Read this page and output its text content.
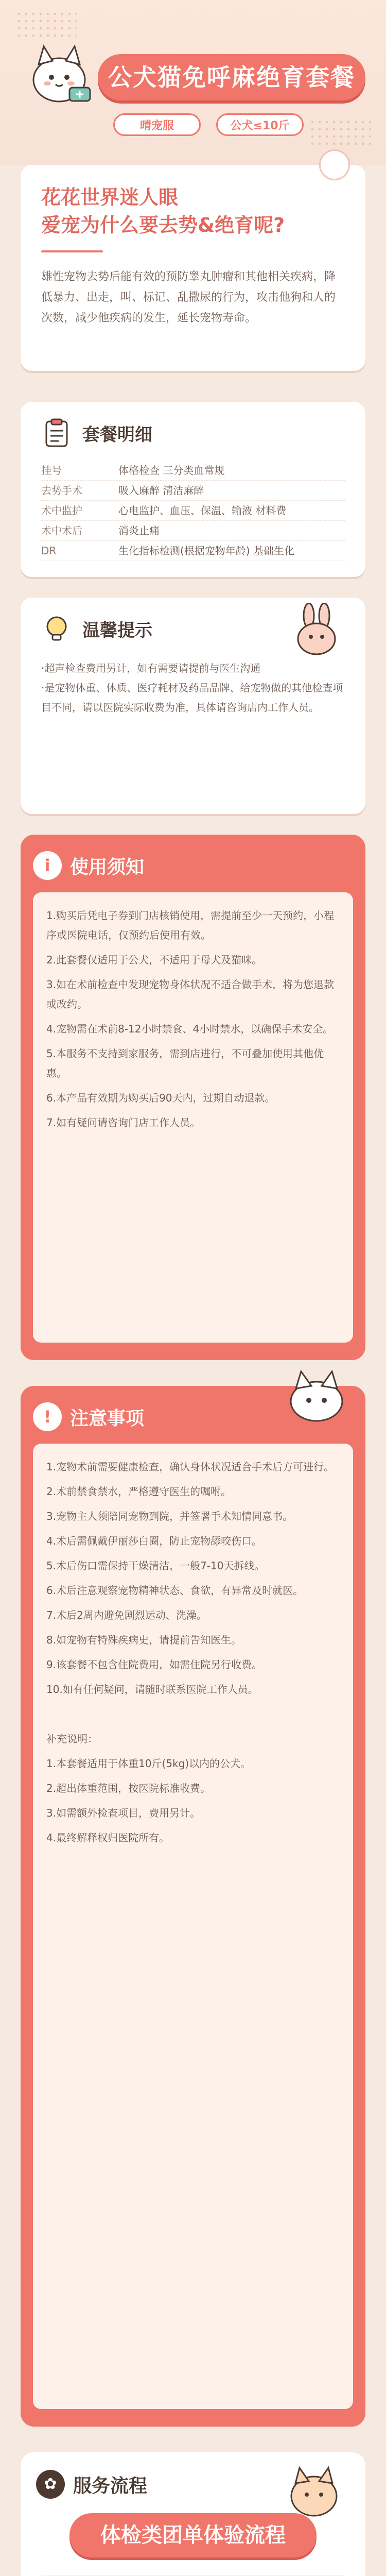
公犬猫免呼麻绝育套餐
晴宠服	公犬≤10斤
花花世界迷人眼
爱宠为什么要去势&绝育呢?
雄性宠物去势后能有效的预防睾丸肿瘤和其他相关疾病，降低暴力、出走，叫、标记、乱撒尿的行为，攻击他狗和人的次数，减少他疾病的发生，延长宠物寿命。
套餐明细
挂号	体格检查 三分类血常规
去势手术	吸入麻醉 清洁麻醉
术中监护	心电监护、血压、保温、输液 材料费
术中术后	消炎止痛
DR	生化指标检测(根据宠物年龄) 基础生化
温馨提示
·超声检查费用另计，如有需要请提前与医生沟通
·是宠物体重、体质、医疗耗材及药品品牌、给宠物做的其他检查项目不同，请以医院实际收费为准，具体请咨询店内工作人员。
i	使用须知

1.购买后凭电子券到门店核销使用，需提前至少一天预约，小程序或医院电话，仅预约后使用有效。

2.此套餐仅适用于公犬，不适用于母犬及猫咪。

3.如在术前检查中发现宠物身体状况不适合做手术，将为您退款或改约。

4.宠物需在术前8-12小时禁食、4小时禁水，以确保手术安全。

5.本服务不支持到家服务，需到店进行，不可叠加使用其他优惠。

6.本产品有效期为购买后90天内，过期自动退款。

7.如有疑问请咨询门店工作人员。

!	注意事项

1.宠物术前需要健康检查，确认身体状况适合手术后方可进行。

2.术前禁食禁水，严格遵守医生的嘱咐。

3.宠物主人须陪同宠物到院，并签署手术知情同意书。

4.术后需佩戴伊丽莎白圈，防止宠物舔咬伤口。

5.术后伤口需保持干燥清洁，一般7-10天拆线。

6.术后注意观察宠物精神状态、食欲，有异常及时就医。

7.术后2周内避免剧烈运动、洗澡。

8.如宠物有特殊疾病史，请提前告知医生。

9.该套餐不包含住院费用，如需住院另行收费。

10.如有任何疑问，请随时联系医院工作人员。

补充说明：

1.本套餐适用于体重10斤(5kg)以内的公犬。

2.超出体重范围，按医院标准收费。

3.如需额外检查项目，费用另计。

4.最终解释权归医院所有。

✿ 服务流程
体检类团单体验流程
